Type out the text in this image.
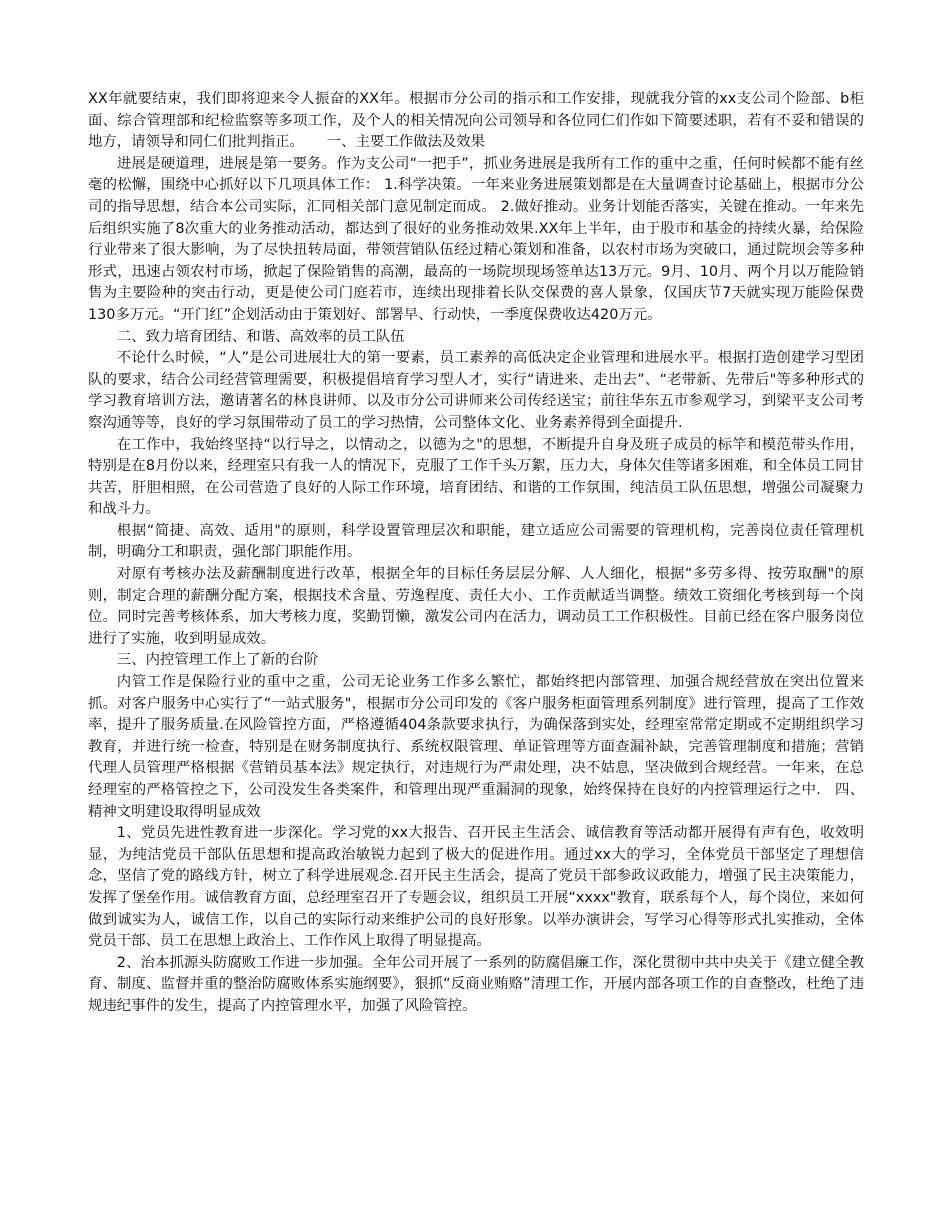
XX年就要结束，我们即将迎来令人振奋的XX年。根据市分公司的指示和工作安排，现就我分管的xx支公司个险部、b柜面、综合管理部和纪检监察等多项工作，及个人的相关情况向公司领导和各位同仁们作如下简要述职，若有不妥和错误的地方，请领导和同仁们批判指正。 一、主要工作做法及效果

进展是硬道理，进展是第一要务。作为支公司“一把手”，抓业务进展是我所有工作的重中之重，任何时候都不能有丝毫的松懈，围绕中心抓好以下几项具体工作： 1.科学决策。一年来业务进展策划都是在大量调查讨论基础上，根据市分公司的指导思想，结合本公司实际，汇同相关部门意见制定而成。 2.做好推动。业务计划能否落实，关键在推动。一年来先后组织实施了8次重大的业务推动活动，都达到了很好的业务推动效果.XX年上半年，由于股市和基金的持续火暴，给保险行业带来了很大影响，为了尽快扭转局面，带领营销队伍经过精心策划和准备，以农村市场为突破口，通过院坝会等多种形式，迅速占领农村市场，掀起了保险销售的高潮，最高的一场院坝现场签单达13万元。9月、10月、两个月以万能险销售为主要险种的突击行动，更是使公司门庭若市，连续出现排着长队交保费的喜人景象，仅国庆节7天就实现万能险保费130多万元。“开门红”企划活动由于策划好、部署早、行动快，一季度保费收达420万元。

二、致力培育团结、和谐、高效率的员工队伍

不论什么时候，“人”是公司进展壮大的第一要素，员工素养的高低决定企业管理和进展水平。根据打造创建学习型团队的要求，结合公司经营管理需要，积极提倡培育学习型人才，实行“请进来、走出去”、“老带新、先带后"等多种形式的学习教育培训方法，邀请著名的林良讲师、以及市分公司讲师来公司传经送宝；前往华东五市参观学习，到梁平支公司考察沟通等等，良好的学习氛围带动了员工的学习热情，公司整体文化、业务素养得到全面提升.

在工作中，我始终坚持“以行导之，以情动之，以德为之"的思想，不断提升自身及班子成员的标竿和模范带头作用，特别是在8月份以来，经理室只有我一人的情况下，克服了工作千头万絮，压力大，身体欠佳等诸多困难，和全体员工同甘共苦，肝胆相照，在公司营造了良好的人际工作环境，培育团结、和谐的工作氛围，纯洁员工队伍思想，增强公司凝聚力和战斗力。

根据“简捷、高效、适用"的原则，科学设置管理层次和职能，建立适应公司需要的管理机构，完善岗位责任管理机制，明确分工和职责，强化部门职能作用。

对原有考核办法及薪酬制度进行改革，根据全年的目标任务层层分解、人人细化，根据“多劳多得、按劳取酬"的原则，制定合理的薪酬分配方案，根据技术含量、劳逸程度、责任大小、工作贡献适当调整。绩效工资细化考核到每一个岗位。同时完善考核体系，加大考核力度，奖勤罚懒，激发公司内在活力，调动员工工作积极性。目前已经在客户服务岗位进行了实施，收到明显成效。

三、内控管理工作上了新的台阶

内管工作是保险行业的重中之重，公司无论业务工作多么繁忙，都始终把内部管理、加强合规经营放在突出位置来抓。对客户服务中心实行了“一站式服务"，根据市分公司印发的《客户服务柜面管理系列制度》进行管理，提高了工作效率，提升了服务质量.在风险管控方面，严格遵循404条款要求执行，为确保落到实处，经理室常常定期或不定期组织学习教育，并进行统一检查，特别是在财务制度执行、系统权限管理、单证管理等方面查漏补缺，完善管理制度和措施；营销代理人员管理严格根据《营销员基本法》规定执行，对违规行为严肃处理，决不姑息，坚决做到合规经营。一年来，在总经理室的严格管控之下，公司没发生各类案件，和管理出现严重漏洞的现象，始终保持在良好的内控管理运行之中. 四、精神文明建设取得明显成效

1、党员先进性教育进一步深化。学习党的xx大报告、召开民主生活会、诚信教育等活动都开展得有声有色，收效明显，为纯洁党员干部队伍思想和提高政治敏锐力起到了极大的促进作用。通过xx大的学习，全体党员干部坚定了理想信念，坚信了党的路线方针，树立了科学进展观念.召开民主生活会，提高了党员干部参政议政能力，增强了民主决策能力，发挥了堡垒作用。诚信教育方面，总经理室召开了专题会议，组织员工开展“xxxx"教育，联系每个人，每个岗位，来如何做到诚实为人，诚信工作，以自己的实际行动来维护公司的良好形象。以举办演讲会，写学习心得等形式扎实推动，全体党员干部、员工在思想上政治上、工作作风上取得了明显提高。

2、治本抓源头防腐败工作进一步加强。全年公司开展了一系列的防腐倡廉工作，深化贯彻中共中央关于《建立健全教育、制度、监督并重的整治防腐败体系实施纲要》，狠抓“反商业贿赂”清理工作，开展内部各项工作的自查整改，杜绝了违规违纪事件的发生，提高了内控管理水平，加强了风险管控。
